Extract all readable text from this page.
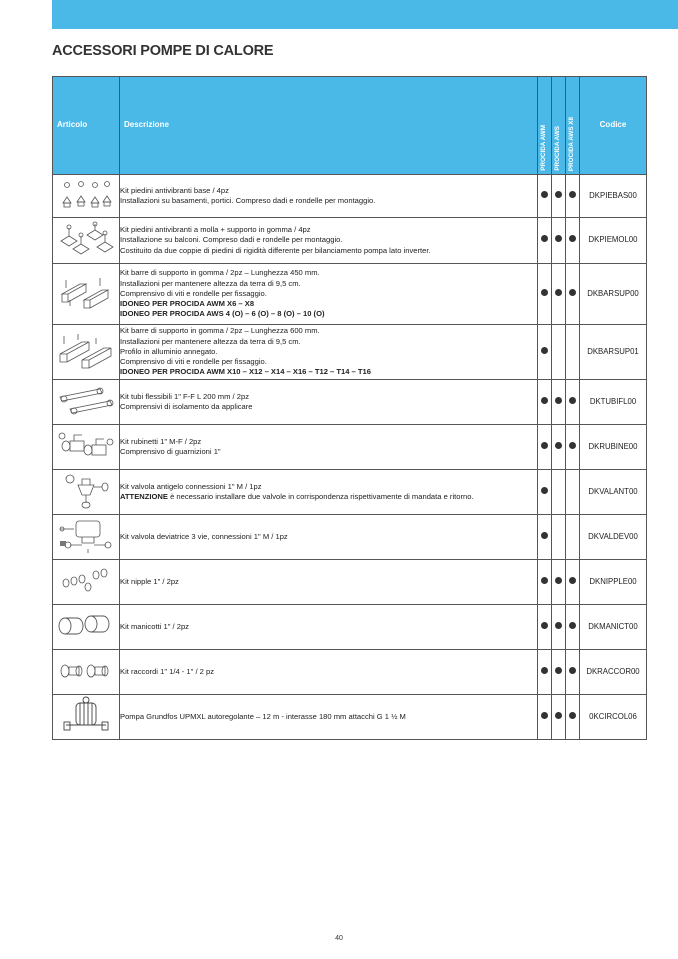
ACCESSORI POMPE DI CALORE
Articolo	Descrizione	PROCIDA AWM	PROCIDA AWS	PROCIDA AWS X8	Codice

Kit piedini antivibranti base / 4pz
Installazioni su basamenti, portici. Compreso dadi e rondelle per montaggio.				DKPIEBAS00

Kit piedini antivibranti a molla + supporto in gomma / 4pz
Installazione su balconi. Compreso dadi e rondelle per montaggio.
Costituito da due coppie di piedini di rigidità differente per bilanciamento pompa lato inverter.				DKPIEMOL00

Kit barre di supporto in gomma / 2pz – Lunghezza 450 mm.
Installazioni per mantenere altezza da terra di 9,5 cm.
Comprensivo di viti e rondelle per fissaggio.
IDONEO PER PROCIDA AWM X6 – X8
IDONEO PER PROCIDA AWS 4 (O) – 6 (O) – 8 (O) – 10 (O)				DKBARSUP00

Kit barre di supporto in gomma / 2pz – Lunghezza 600 mm.
Installazioni per mantenere altezza da terra di 9,5 cm.
Profilo in alluminio annegato.
Comprensivo di viti e rondelle per fissaggio.
IDONEO PER PROCIDA AWM X10 – X12 – X14 – X16 – T12 – T14 – T16				DKBARSUP01

Kit tubi flessibili 1" F-F L 200 mm / 2pz
Comprensivi di isolamento da applicare				DKTUBIFL00

Kit rubinetti 1" M-F / 2pz
Comprensivo di guarnizioni 1"				DKRUBINE00

Kit valvola antigelo connessioni 1" M / 1pz
ATTENZIONE è necessario installare due valvole in corrispondenza rispettivamente di mandata e ritorno.				DKVALANT00

Kit valvola deviatrice 3 vie, connessioni 1" M / 1pz				DKVALDEV00

Kit nipple 1" / 2pz				DKNIPPLE00

Kit manicotti 1" / 2pz				DKMANICT00

Kit raccordi 1" 1/4 - 1" / 2 pz				DKRACCOR00

Pompa Grundfos UPMXL autoregolante – 12 m - interasse 180 mm attacchi G 1 ½ M				0KCIRCOL06
40
